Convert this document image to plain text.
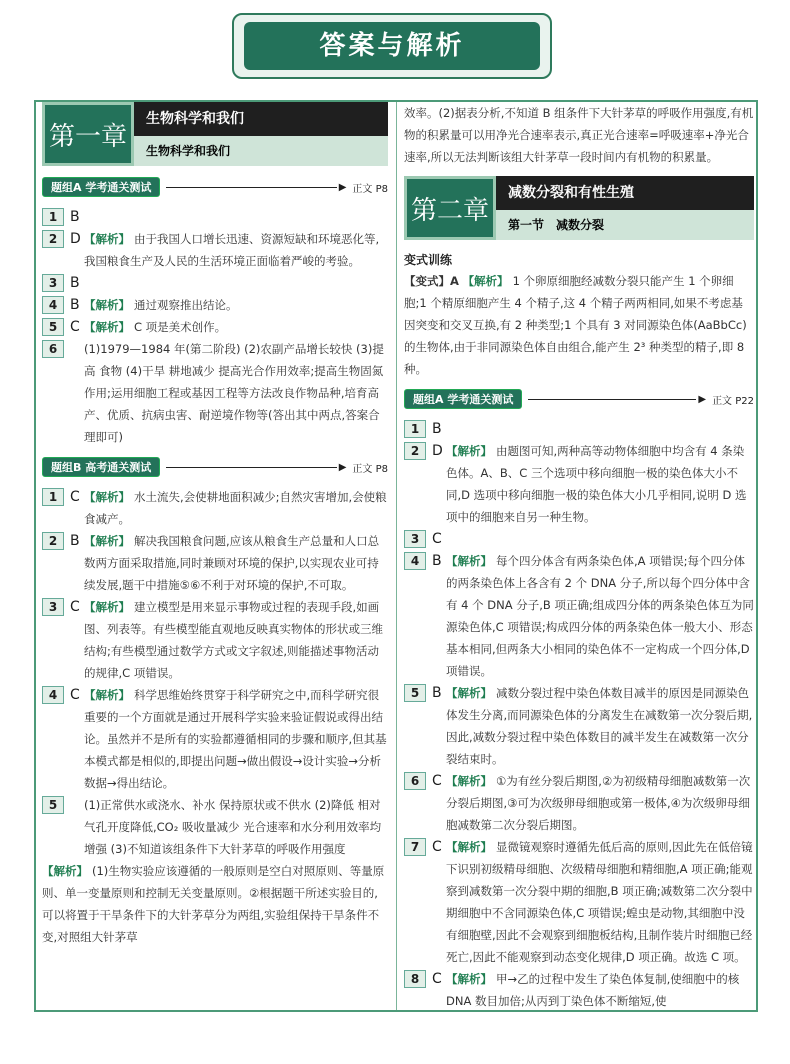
答案与解析
第一章
生物科学和我们
生物科学和我们
题组A 学考通关测试	▶ 正文 P8
1 B
2 D 【解析】 由于我国人口增长迅速、资源短缺和环境恶化等,我国粮食生产及人民的生活环境正面临着严峻的考验。
3 B
4 B 【解析】 通过观察推出结论。
5 C 【解析】 C 项是美术创作。
6	(1)1979—1984 年(第二阶段) (2)农副产品增长较快 (3)提高 食物 (4)干旱 耕地减少 提高光合作用效率;提高生物固氮作用;运用细胞工程或基因工程等方法改良作物品种,培育高产、优质、抗病虫害、耐逆境作物等(答出其中两点,答案合理即可)
题组B 高考通关测试	▶ 正文 P8
1 C 【解析】 水土流失,会使耕地面积减少;自然灾害增加,会使粮食减产。
2 B 【解析】 解决我国粮食问题,应该从粮食生产总量和人口总数两方面采取措施,同时兼顾对环境的保护,以实现农业可持续发展,题干中措施⑤⑥不利于对环境的保护,不可取。
3 C 【解析】 建立模型是用来显示事物或过程的表现手段,如画图、列表等。有些模型能直观地反映真实物体的形状或三维结构;有些模型通过数学方式或文字叙述,则能描述事物活动的规律,C 项错误。
4 C 【解析】 科学思维始终贯穿于科学研究之中,而科学研究很重要的一个方面就是通过开展科学实验来验证假说或得出结论。虽然并不是所有的实验都遵循相同的步骤和顺序,但其基本模式都是相似的,即提出问题→做出假设→设计实验→分析数据→得出结论。
5	(1)正常供水或浇水、补水 保持原状或不供水 (2)降低 相对气孔开度降低,CO₂ 吸收量减少 光合速率和水分利用效率均增强 (3)不知道该组条件下大针茅草的呼吸作用强度
【解析】 (1)生物实验应该遵循的一般原则是空白对照原则、等量原则、单一变量原则和控制无关变量原则。②根据题干所述实验目的,可以将置于干旱条件下的大针茅草分为两组,实验组保持干旱条件不变,对照组大针茅草
效率。(2)据表分析,不知道 B 组条件下大针茅草的呼吸作用强度,有机物的积累量可以用净光合速率表示,真正光合速率=呼吸速率+净光合速率,所以无法判断该组大针茅草一段时间内有机物的积累量。
第二章
减数分裂和有性生殖
第一节　减数分裂
变式训练
【变式】A 【解析】 1 个卵原细胞经减数分裂只能产生 1 个卵细胞;1 个精原细胞产生 4 个精子,这 4 个精子两两相同,如果不考虑基因突变和交叉互换,有 2 种类型;1 个具有 3 对同源染色体(AaBbCc)的生物体,由于非同源染色体自由组合,能产生 2³ 种类型的精子,即 8 种。
题组A 学考通关测试	▶ 正文 P22
1 B
2 D 【解析】 由题图可知,两种高等动物体细胞中均含有 4 条染色体。A、B、C 三个选项中移向细胞一极的染色体大小不同,D 选项中移向细胞一极的染色体大小几乎相同,说明 D 选项中的细胞来自另一种生物。
3 C
4 B 【解析】 每个四分体含有两条染色体,A 项错误;每个四分体的两条染色体上各含有 2 个 DNA 分子,所以每个四分体中含有 4 个 DNA 分子,B 项正确;组成四分体的两条染色体互为同源染色体,C 项错误;构成四分体的两条染色体一般大小、形态基本相同,但两条大小相同的染色体不一定构成一个四分体,D 项错误。
5 B 【解析】 减数分裂过程中染色体数目减半的原因是同源染色体发生分离,而同源染色体的分离发生在减数第一次分裂后期,因此,减数分裂过程中染色体数目的减半发生在减数第一次分裂结束时。
6 C 【解析】 ①为有丝分裂后期图,②为初级精母细胞减数第一次分裂后期图,③可为次级卵母细胞或第一极体,④为次级卵母细胞减数第二次分裂后期图。
7 C 【解析】 显微镜观察时遵循先低后高的原则,因此先在低倍镜下识别初级精母细胞、次级精母细胞和精细胞,A 项正确;能观察到减数第一次分裂中期的细胞,B 项正确;减数第二次分裂中期细胞中不含同源染色体,C 项错误;蝗虫是动物,其细胞中没有细胞壁,因此不会观察到细胞板结构,且制作装片时细胞已经死亡,因此不能观察到动态变化规律,D 项正确。故选 C 项。
8 C 【解析】 甲→乙的过程中发生了染色体复制,使细胞中的核 DNA 数目加倍;从丙到丁染色体不断缩短,使
